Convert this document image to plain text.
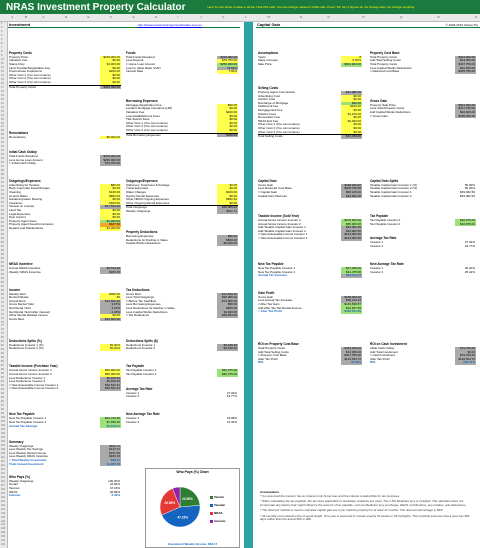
NRAS Investment Property Calculator	How To Use: Enter a value in all the YELLOW cells. You can change values in LIME cells. Press "F9" key if figures do not change after you change anything.
A	B	C	D	E	F	G	H	I	J	K	L	M	N	O	P	Q	R	S
1
2
3
4
5
6
7
8
9
10
11
12
13
14
15
16
17
18
19
20
21
22
23
24
25
26
27
28
29
30
31
32
33
34
35
36
37
38
39
40
41
42
43
44
45
46
47
48
49
50
51
52
53
54
55
56
57
58
59
60
61
62
63
64
65
66
67
68
69
70
71
72
73
74
75
76
77
78
79
80
81
82
83
84
85
86
87
88
89
90
91
92
93
94
95
96
97
98
99
100
101
102
103
104
105
106
107
108
109
110
111
112
113
114
115
116
117
118
119
120
121
122
123
124
125
126
127
128
129
130
131
132
Investment	http://www.investmentpropertycalculator.com.au	Capital Gain	© 2006-2013 Vulcan Pty
Property Costs
Property Price	$155,000.00
Valuation Fee	$0.00
Stamp Duty	$4,000.00
Land Transfer/Registration Fee	$0.00
Prepurchase Inspections	$200.00
Other Cost 1 (You can rename)	$0.00
Other Cost 2 (You can rename)	$0.00
Other Cost 3 (You can rename)	$0.00
Total Property Costs	$324,300.00
Funds
Total Funds Required	$326,000.00
Less Deposit	$79,750.00
= Home Loan Amount	$250,000.00
Loan to Value Ratio (LVR)	79.62%
Interest Rate	7.00%
Renovations
Renovations	$5,000.00
Borrowing Expenses
Mortgage Registration Fee	$90.00
Lenders Mortgage Insurance (LMI)	$0.00
Valuation Fee	$200.00
Loan Establishment Fees	$0.00
Title Search Fees	$0.00
Other Cost 1 (You can rename)	$0.00
Other Cost 2 (You can rename)	$0.00
Other Cost 3 (You can rename)	$0.00
Total Borrowing Expenses	$290.00
Initial Cash Outlay
Total Funds Required	$329,000.00
Less Home Loan Amount	$250,000.00
= Initial Cash Outlay	$79,750.00
Outgoings/Expenses
Advertising for Tenants	$80.00
Body Corporate Fees/Charges	$0.00
Cleaning	$100.00
Council Rates	$850.00
Gardening/Lawn Mowing	$0.00
Insurance	$300.00
Interest on Loan(s)	$17,534.93
Land Tax	$0.00
Legal Expenses	$0.00
Pest Control	$0.00
Property Agent Fees	$1,092.00
Property Agent Fees/Commission	$667.50
Repairs and Maintenance	$1,000.00
Outgoings/Expenses
Stationery, Telephone & Postage	$0.00
Travel Expenses	$0.00
Water Charges	$400.00
Sundry Rental Expenses	$0.00
Other NRAS Ongoing Expenses	$862.40
Other Ongoing Rental Expenses	$0.00
Total Outgoings	$26,006.00
Weekly Outgoings	$611.71
Property Deductions
Borrowing Expenses	$58.00
Deductions for Decline in Value	$800.00
Capital Works Deductions	$4,000.00
NRAS Incentive
Annual NRAS Incentive	$9,524.00
Weekly NRAS Incentive	$183.15
Income
Weekly Rent	$380.00
Rented Weeks	50
Annual Rent	$12,500.00
Gross Rental Yield	3.97%
Net Rental Yield	1.13%
Net Rental Yield (after interest)	-4.46%
Other Rental Related Income	$0.00
Gross Rent	$12,500.00
Tax Deductions
Gross Rent	$12,500.00
Less Total Outgoings	$26,006.00
= Before Tax Cashflow	-$14,006.00
Less Borrowing Expenses	$58.00
Less Deductions for Decline in Value	$800.00
Less Capital Works Deductions	$4,000.00
= Tax Deductions	-$18,854.00
Deductions Splits (%)
Deductions Investor 1 (%)	50.00%
Deductions Investor 2 (%)	50.00%
Deductions Splits ($)
Deductions Investor 1	$9,468.45
Deductions Investor 2	$9,468.45
Taxable Income (Purchase Year)
Annual Gross Income Investor 1	$55,000.00
Annual Gross Income Investor 2	$55,000.00
Less Deductions Investor 1	$9,468.45
Less Deductions Investor 2	$9,468.45
= New Assessable Income Investor 1	$45,541.51
= New Assessable Income Investor 2	$45,541.51
Tax Payable
Tax Payable Investor 1	$30,375.00
Tax Payable Investor 2	$30,375.00
Average Tax Rate
Investor 1	27.02%
Investor 2	19.77%
New Tax Payable
New Tax Payable Investor 1	$24,733.48
New Tax Payable Investor 2	$7,999.46
Annual Tax Savings	$6,639.51
New Average Tax Rate
Investor 1	23.98%
Investor 2	14.30%
Summary
Weekly Outgoings	$511.71
Less Weekly Tax Savings	$127.31
Less Weekly Rental Income	$241.50
Less Weekly NRAS Incentive	$183.15
= Total Weekly Investment	$38.17
Total Annual Investment	$1,985.08
Who Pays (%)
Weekly Outgoings	100.00%
Tenant	24.96%
Taxman	47.16%
NRAS	26.89%
Investor	6.46%
Assumptions
Years	8
Value Increase	6.00%
Sale Price	$604,000.00
Property Cost Base
Total Property Costs	$324,300.00
Add Total Selling Costs	$13,450.00
Total Property Costs	$337,750.00
Less Capital Works Deductions	$32,000.00
= Reduced Cost Base	$305,750.00
Selling Costs
Property Agent Commission	$12,080.00
Advertising Cost	$0.00
Auction Cost	$0.00
Discharge of Mortgage	$90.00
Settlement Fee	$100.00
Mortgage Exit Fee	$0.00
Solicitor Fees	$1,100.00
Removalist Cost	$0.00
NRAS Exit Fee	$2,000.00
Other Cost 1 (You can rename)	$0.00
Other Cost 2 (You can rename)	$0.00
Other Cost 3 (You can rename)	$0.00
Total Selling Costs	$13,450.00
Gross Gain
Property Sale Price	$604,000.00
Less Total Property Costs	$337,750.00
Add Capital Works Deductions	$32,000.00
= Gross Gain	$188,250.00
Capital Gain
Gross Gain	$188,250.00
Less Reduced Cost Base	$305,750.00
= Capital Gain	$98,125.00
Capital Gain Discount	$49,062.50
Capital Gain Splits
Taxable Capital Gain Investor 1 (%)	50.00%
Taxable Capital Gain Investor 2 (%)	50.00%
Taxable Capital Gain Investor 1	$49,062.50
Taxable Capital Gain Investor 2	$49,062.50
Taxable Income (Sold Year)
Annual Gross Income Investor 1	$105,000.00
Annual Gross Income Investor 2	$55,000.00
Add Taxable Capital Gain Investor 1	$49,062.50
Add Taxable Capital Gain Investor 2	$49,062.50
= New Assessable Income Investor 1	$154,062.50
= New Assessable Income Investor 2	$104,062.50
Tax Payable
Tax Payable Investor 1	$30,375.00
Tax Payable Investor 2	$10,875.00
Average Tax Rate
Investor 1	27.02%
Investor 2	19.77%
New Tax Payable
New Tax Payable Investor 1	$47,499.00
New Tax Payable Investor 2	$31,375.50
Annual Tax Increase	$38,413.13
New Average Tax Rate
Investor 1	30.20%
Investor 2	25.42%
Gain Profit
Gross Gain	$188,250.00
Less Annual Tax Increase	$38,413.13
= After Tax Gain	$149,836.87
Add After Tax Net Rental Income	$16,697.99
= After Tax Profit	$166,534.86
ROI on Property Cost Base
Total Property Costs	$324,300.00
Add Total Selling Costs	$13,450.00
= Property Cost Base	$337,750.00
After Tax Profit	$146,534.72
ROI	43.38%
ROI on Cash Investment
Initial Cash Outlay	$79,750.00
Add Total Investment	$0.00
= Cash Investment	$79,750.00
After Tax Profit	$146,534.72
ROI	183.74%
Assumptions

* It is assumed the investor has an interest only home loan and the interest is deductible for tax purposes.

* When calculating the tax payable, the tax rates applicable to Australian residents are used. The 1.5% Medicare levy is included. The calculator does not incorporate any factors that might influence the amount of tax payable, such as Medicare levy surcharge, HECS contributions, any rebates, and deductions.

* The discount method is used to calculate capital gain tax if you hold the property for at least 12 months. The discount percentage is 50%.

* All monthly rent entered is the of equal length. One year is assumed to contain exactly 52 weeks or 26 fortnights. This implicitly assumes that a year has 364 days rather than the actual 365 or 366.

24.96%
47.16%
26.89%
Who Pays (%) Chart
Tenant
Taxman
NRAS
Investor
Investment Weekly Income: $38.17
